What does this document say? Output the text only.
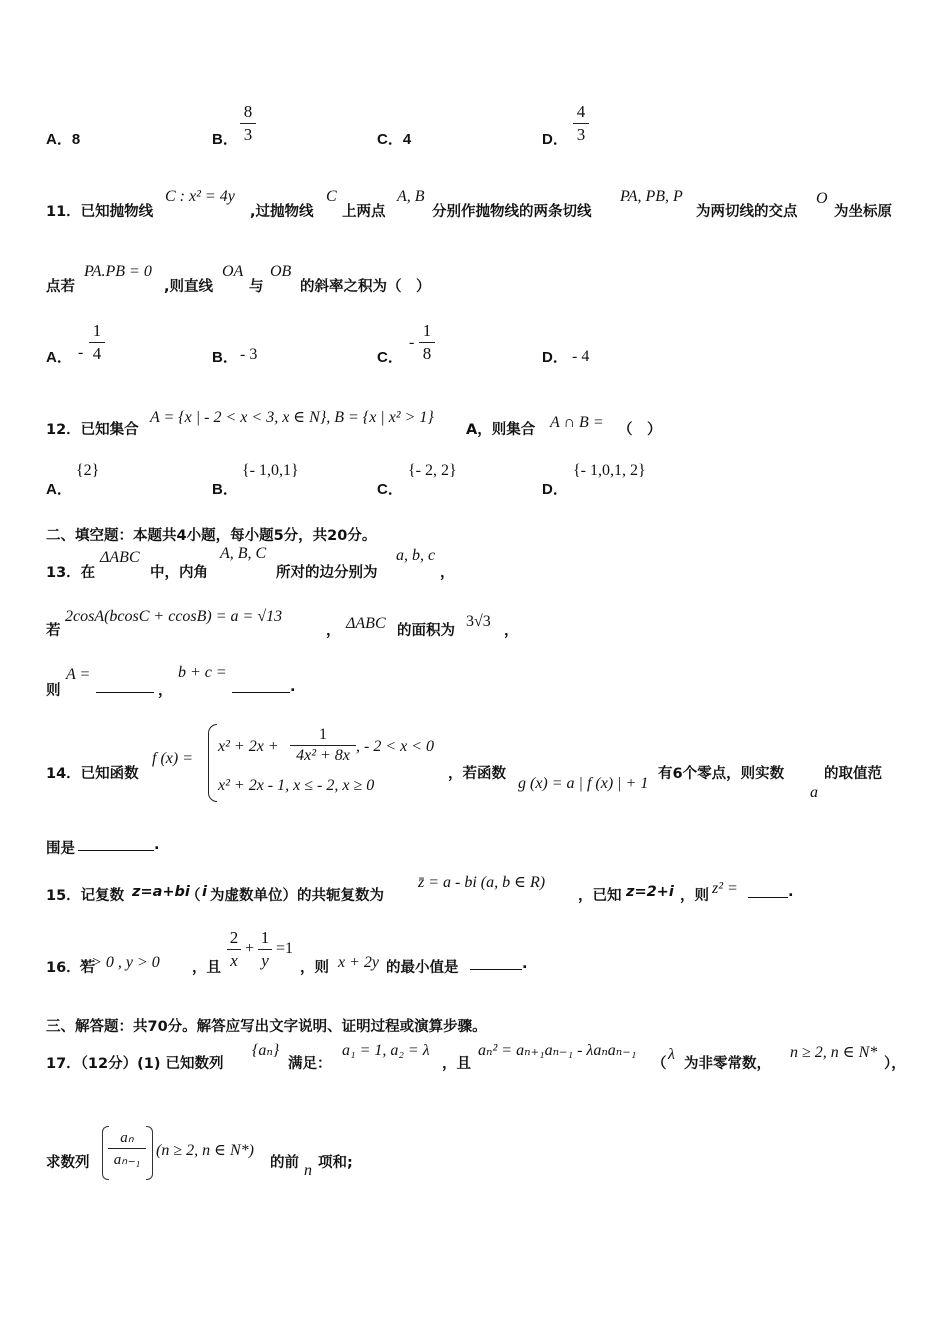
A．8	B．
8
3	C．4	D．
4
3
11．已知抛物线
C : x² = 4y
,过抛物线
C
上两点
A, B
分别作抛物线的两条切线
PA, PB, P
为两切线的交点
O
为坐标原
点若
PA.PB = 0
,则直线
OA
与
OB
的斜率之积为（　）
A． -
1
4	B． - 3	C．
-
1
8	D． - 4
12．已知集合
A = {x | - 2 < x < 3, x ∈ N}, B = {x | x² > 1}
A，则集合 A ∩ B = （　）
A．
{2}
B．
{- 1,0,1}
C．
{- 2, 2}
D．
{- 1,0,1, 2}
二、填空题：本题共4小题，每小题5分，共20分。
13．在
ΔABC
中，内角
A, B, C
所对的边分别为
a, b, c
，
若
2cosA(bcosC + ccosB) = a = √13
， ΔABC 的面积为
3√3
，
则
A =
，
b + c =
.
14．已知函数
f (x) =
x² + 2x +
1
4x² + 8x
, - 2 < x < 0
x² + 2x - 1, x ≤ - 2, x ≥ 0
，若函数
g (x) = a | f (x) | + 1
有6个零点，则实数
a
的取值范
围是	.
15．记复数 z=a+bi
（ i 为虚数单位）的共轭复数为
z̄ = a - bi (a, b ∈ R)
，已知 z=2+i ，则 z² =	.
16．若
x > 0 , y > 0 ，且
2
x
+
1
y
=1
，则 x + 2y 的最小值是	.
三、解答题：共70分。解答应写出文字说明、证明过程或演算步骤。
17．（12分）(1) 已知数列
{aₙ}
满足：
a₁ = 1, a₂ = λ
，且
aₙ² = aₙ₊₁aₙ₋₁ - λaₙaₙ₋₁
（
λ
为非零常数，
n ≥ 2, n ∈ N*
），
求数列
aₙ
aₙ₋₁
(n ≥ 2, n ∈ N*)
的前 n 项和;
